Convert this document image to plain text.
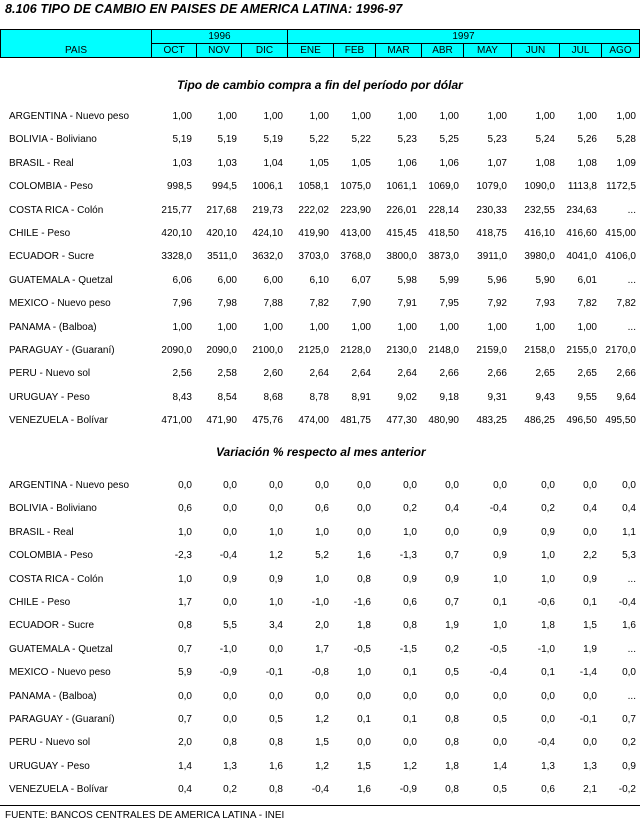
8.106 TIPO DE CAMBIO EN PAISES DE AMERICA LATINA: 1996-97
PAIS	1996			1997							
	OCT	NOV	DIC	ENE	FEB	MAR	ABR	MAY	JUN	JUL	AGO
Tipo de cambio compra a fin del período por dólar
ARGENTINA - Nuevo peso	1,00	1,00	1,00	1,00	1,00	1,00	1,00	1,00	1,00	1,00	1,00
BOLIVIA - Boliviano	5,19	5,19	5,19	5,22	5,22	5,23	5,25	5,23	5,24	5,26	5,28
BRASIL - Real	1,03	1,03	1,04	1,05	1,05	1,06	1,06	1,07	1,08	1,08	1,09
COLOMBIA - Peso	998,5	994,5	1006,1	1058,1	1075,0	1061,1	1069,0	1079,0	1090,0	1113,8	1172,5
COSTA RICA - Colón	215,77	217,68	219,73	222,02	223,90	226,01	228,14	230,33	232,55	234,63	...
CHILE - Peso	420,10	420,10	424,10	419,90	413,00	415,45	418,50	418,75	416,10	416,60	415,00
ECUADOR - Sucre	3328,0	3511,0	3632,0	3703,0	3768,0	3800,0	3873,0	3911,0	3980,0	4041,0	4106,0
GUATEMALA - Quetzal	6,06	6,00	6,00	6,10	6,07	5,98	5,99	5,96	5,90	6,01	...
MEXICO - Nuevo peso	7,96	7,98	7,88	7,82	7,90	7,91	7,95	7,92	7,93	7,82	7,82
PANAMA - (Balboa)	1,00	1,00	1,00	1,00	1,00	1,00	1,00	1,00	1,00	1,00	...
PARAGUAY - (Guaraní)	2090,0	2090,0	2100,0	2125,0	2128,0	2130,0	2148,0	2159,0	2158,0	2155,0	2170,0
PERU - Nuevo sol	2,56	2,58	2,60	2,64	2,64	2,64	2,66	2,66	2,65	2,65	2,66
URUGUAY - Peso	8,43	8,54	8,68	8,78	8,91	9,02	9,18	9,31	9,43	9,55	9,64
VENEZUELA - Bolívar	471,00	471,90	475,76	474,00	481,75	477,30	480,90	483,25	486,25	496,50	495,50
Variación % respecto al mes anterior
ARGENTINA - Nuevo peso	0,0	0,0	0,0	0,0	0,0	0,0	0,0	0,0	0,0	0,0	0,0
BOLIVIA - Boliviano	0,6	0,0	0,0	0,6	0,0	0,2	0,4	-0,4	0,2	0,4	0,4
BRASIL - Real	1,0	0,0	1,0	1,0	0,0	1,0	0,0	0,9	0,9	0,0	1,1
COLOMBIA - Peso	-2,3	-0,4	1,2	5,2	1,6	-1,3	0,7	0,9	1,0	2,2	5,3
COSTA RICA - Colón	1,0	0,9	0,9	1,0	0,8	0,9	0,9	1,0	1,0	0,9	...
CHILE - Peso	1,7	0,0	1,0	-1,0	-1,6	0,6	0,7	0,1	-0,6	0,1	-0,4
ECUADOR - Sucre	0,8	5,5	3,4	2,0	1,8	0,8	1,9	1,0	1,8	1,5	1,6
GUATEMALA - Quetzal	0,7	-1,0	0,0	1,7	-0,5	-1,5	0,2	-0,5	-1,0	1,9	...
MEXICO - Nuevo peso	5,9	-0,9	-0,1	-0,8	1,0	0,1	0,5	-0,4	0,1	-1,4	0,0
PANAMA - (Balboa)	0,0	0,0	0,0	0,0	0,0	0,0	0,0	0,0	0,0	0,0	...
PARAGUAY - (Guaraní)	0,7	0,0	0,5	1,2	0,1	0,1	0,8	0,5	0,0	-0,1	0,7
PERU - Nuevo sol	2,0	0,8	0,8	1,5	0,0	0,0	0,8	0,0	-0,4	0,0	0,2
URUGUAY - Peso	1,4	1,3	1,6	1,2	1,5	1,2	1,8	1,4	1,3	1,3	0,9
VENEZUELA - Bolívar	0,4	0,2	0,8	-0,4	1,6	-0,9	0,8	0,5	0,6	2,1	-0,2
FUENTE: BANCOS CENTRALES DE AMERICA LATINA - INEI
